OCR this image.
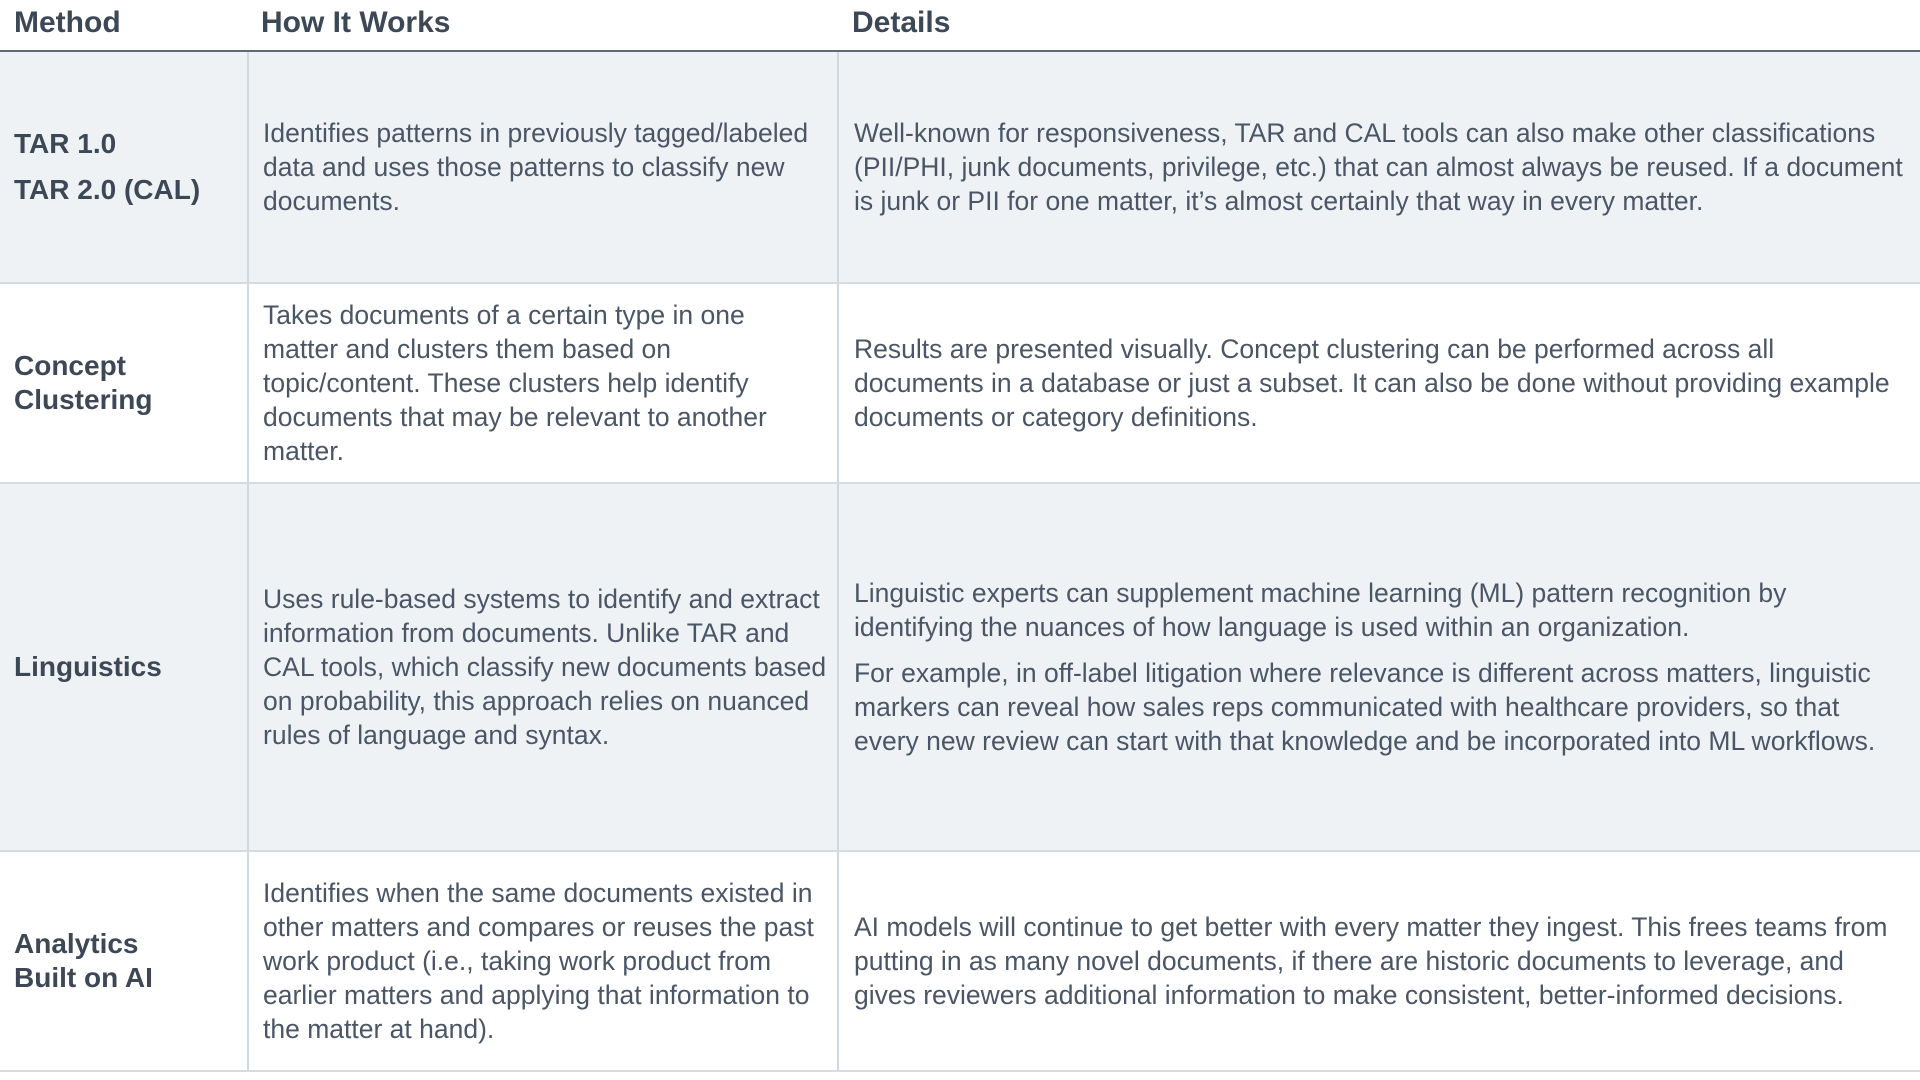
Method	How It Works	Details
TAR 1.0
TAR 2.0 (CAL)

Identifies patterns in previously tagged/labeled data and uses those patterns to classify new documents.

Well-known for responsiveness, TAR and CAL tools can also make other classifications (PII/PHI, junk documents, privilege, etc.) that can almost always be reused. If a document is junk or PII for one matter, it’s almost certainly that way in every matter.

Concept Clustering

Takes documents of a certain type in one matter and clusters them based on topic/content. These clusters help identify documents that may be relevant to another matter.

Results are presented visually. Concept clustering can be performed across all documents in a database or just a subset. It can also be done without providing example documents or category definitions.

Linguistics

Uses rule-based systems to identify and extract information from documents. Unlike TAR and CAL tools, which classify new documents based on probability, this approach relies on nuanced rules of language and syntax.

Linguistic experts can supplement machine learning (ML) pattern recognition by identifying the nuances of how language is used within an organization.

For example, in off-label litigation where relevance is different across matters, linguistic markers can reveal how sales reps communicated with healthcare providers, so that every new review can start with that knowledge and be incorporated into ML workflows.

Analytics Built on AI

Identifies when the same documents existed in other matters and compares or reuses the past work product (i.e., taking work product from earlier matters and applying that information to the matter at hand).

AI models will continue to get better with every matter they ingest. This frees teams from putting in as many novel documents, if there are historic documents to leverage, and gives reviewers additional information to make consistent, better-informed decisions.
